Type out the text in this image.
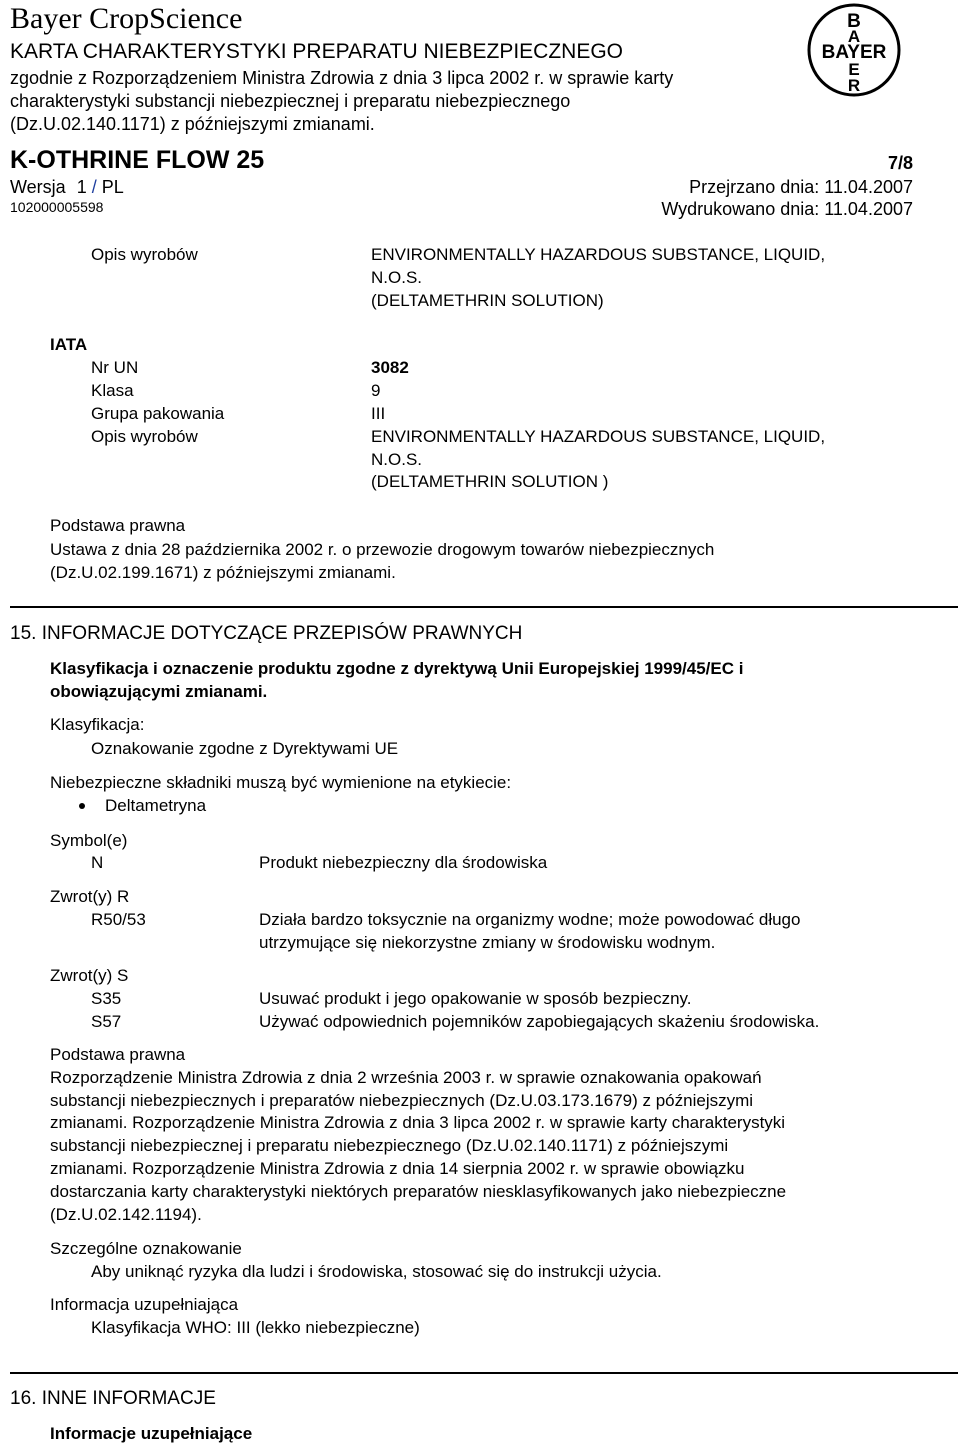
Bayer CropScience
KARTA CHARAKTERYSTYKI PREPARATU NIEBEZPIECZNEGO
zgodnie z Rozporządzeniem Ministra Zdrowia z dnia 3 lipca 2002 r. w sprawie karty
charakterystyki substancji niebezpiecznej i preparatu niebezpiecznego
(Dz.U.02.140.1171) z późniejszymi zmianami.
B
A
BAYER
E
R
K-OTHRINE FLOW 25	7/8
Wersja 1 / PL	Przejrzano dnia: 11.04.2007
102000005598	Wydrukowano dnia: 11.04.2007
Opis wyrobów	ENVIRONMENTALLY HAZARDOUS SUBSTANCE, LIQUID,
N.O.S.
(DELTAMETHRIN SOLUTION)
IATA
Nr UN	3082
Klasa	9
Grupa pakowania	III
Opis wyrobów	ENVIRONMENTALLY HAZARDOUS SUBSTANCE, LIQUID,
N.O.S.
(DELTAMETHRIN SOLUTION )
Podstawa prawna
Ustawa z dnia 28 października 2002 r. o przewozie drogowym towarów niebezpiecznych
(Dz.U.02.199.1671) z późniejszymi zmianami.
15. INFORMACJE DOTYCZĄCE PRZEPISÓW PRAWNYCH
Klasyfikacja i oznaczenie produktu zgodne z dyrektywą Unii Europejskiej 1999/45/EC i
obowiązującymi zmianami.
Klasyfikacja:
Oznakowanie zgodne z Dyrektywami UE
Niebezpieczne składniki muszą być wymienione na etykiecie:
Deltametryna
Symbol(e)
N	Produkt niebezpieczny dla środowiska
Zwrot(y) R
R50/53	Działa bardzo toksycznie na organizmy wodne; może powodować długo
utrzymujące się niekorzystne zmiany w środowisku wodnym.
Zwrot(y) S
S35	Usuwać produkt i jego opakowanie w sposób bezpieczny.
S57	Używać odpowiednich pojemników zapobiegających skażeniu środowiska.
Podstawa prawna
Rozporządzenie Ministra Zdrowia z dnia 2 września 2003 r. w sprawie oznakowania opakowań
substancji niebezpiecznych i preparatów niebezpiecznych (Dz.U.03.173.1679) z późniejszymi
zmianami. Rozporządzenie Ministra Zdrowia z dnia 3 lipca 2002 r. w sprawie karty charakterystyki
substancji niebezpiecznej i preparatu niebezpiecznego (Dz.U.02.140.1171) z późniejszymi
zmianami. Rozporządzenie Ministra Zdrowia z dnia 14 sierpnia 2002 r. w sprawie obowiązku
dostarczania karty charakterystyki niektórych preparatów niesklasyfikowanych jako niebezpieczne
(Dz.U.02.142.1194).
Szczególne oznakowanie
Aby uniknąć ryzyka dla ludzi i środowiska, stosować się do instrukcji użycia.
Informacja uzupełniająca
Klasyfikacja WHO: III (lekko niebezpieczne)
16. INNE INFORMACJE
Informacje uzupełniające
